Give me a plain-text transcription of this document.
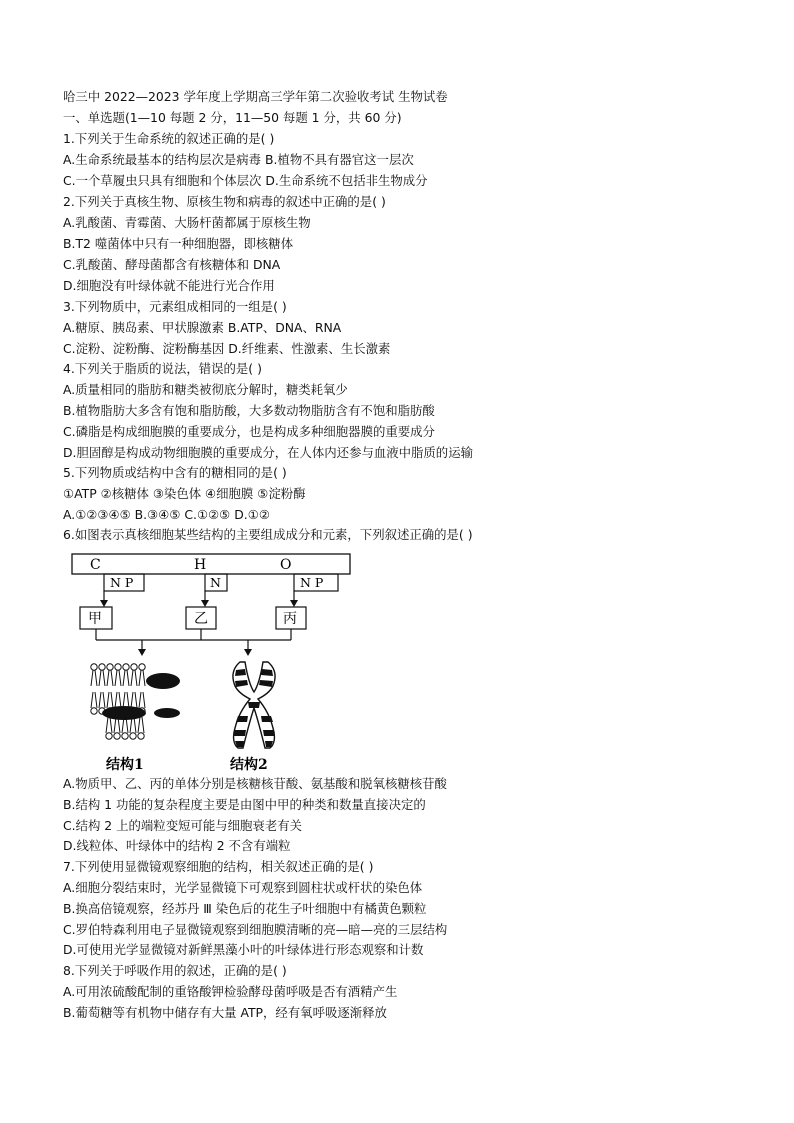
哈三中 2022—2023 学年度上学期高三学年第二次验收考试 生物试卷
一、单选题(1—10 每题 2 分，11—50 每题 1 分，共 60 分)
1.下列关于生命系统的叙述正确的是( )
A.生命系统最基本的结构层次是病毒 B.植物不具有器官这一层次
C.一个草履虫只具有细胞和个体层次 D.生命系统不包括非生物成分
2.下列关于真核生物、原核生物和病毒的叙述中正确的是( )
A.乳酸菌、青霉菌、大肠杆菌都属于原核生物
B.T2 噬菌体中只有一种细胞器，即核糖体
C.乳酸菌、酵母菌都含有核糖体和 DNA
D.细胞没有叶绿体就不能进行光合作用
3.下列物质中，元素组成相同的一组是( )
A.糖原、胰岛素、甲状腺激素 B.ATP、DNA、RNA
C.淀粉、淀粉酶、淀粉酶基因 D.纤维素、性激素、生长激素
4.下列关于脂质的说法，错误的是( )
A.质量相同的脂肪和糖类被彻底分解时，糖类耗氧少
B.植物脂肪大多含有饱和脂肪酸，大多数动物脂肪含有不饱和脂肪酸
C.磷脂是构成细胞膜的重要成分，也是构成多种细胞器膜的重要成分
D.胆固醇是构成动物细胞膜的重要成分，在人体内还参与血液中脂质的运输
5.下列物质或结构中含有的糖相同的是( )
①ATP ②核糖体 ③染色体 ④细胞膜 ⑤淀粉酶
A.①②③④⑤ B.③④⑤ C.①②⑤ D.①②
6.如图表示真核细胞某些结构的主要组成成分和元素，下列叙述正确的是( )
C	H	O
N P	N	N P
甲	乙	丙
结构1	结构2
A.物质甲、乙、丙的单体分别是核糖核苷酸、氨基酸和脱氧核糖核苷酸
B.结构 1 功能的复杂程度主要是由图中甲的种类和数量直接决定的
C.结构 2 上的端粒变短可能与细胞衰老有关
D.线粒体、叶绿体中的结构 2 不含有端粒
7.下列使用显微镜观察细胞的结构，相关叙述正确的是( )
A.细胞分裂结束时，光学显微镜下可观察到圆柱状或杆状的染色体
B.换高倍镜观察，经苏丹 Ⅲ 染色后的花生子叶细胞中有橘黄色颗粒
C.罗伯特森利用电子显微镜观察到细胞膜清晰的亮—暗—亮的三层结构
D.可使用光学显微镜对新鲜黑藻小叶的叶绿体进行形态观察和计数
8.下列关于呼吸作用的叙述，正确的是( )
A.可用浓硫酸配制的重铬酸钾检验酵母菌呼吸是否有酒精产生
B.葡萄糖等有机物中储存有大量 ATP，经有氧呼吸逐渐释放
